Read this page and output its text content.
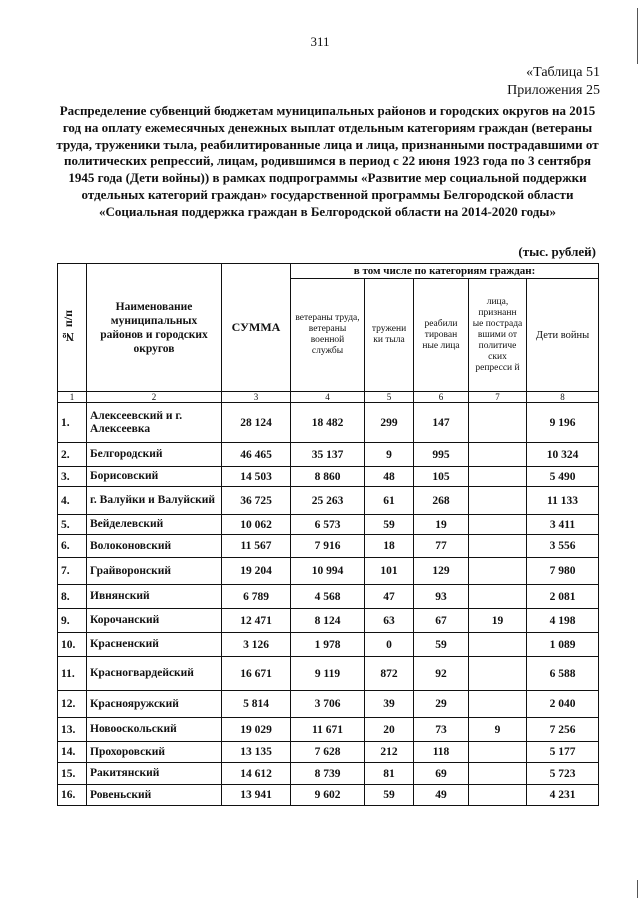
311
«Таблица 51
Приложения 25
Распределение субвенций бюджетам муниципальных районов и городских округов на 2015 год на оплату ежемесячных денежных выплат отдельным категориям граждан (ветераны труда, труженики тыла, реабилитированные лица и лица, признанными пострадавшими от политических репрессий, лицам, родившимся в период с 22 июня 1923 года по 3 сентября 1945 года (Дети войны)) в рамках подпрограммы «Развитие мер социальной поддержки отдельных категорий граждан» государственной программы Белгородской области «Социальная поддержка граждан в Белгородской области на 2014-2020 годы»
(тыс. рублей)
№ п/п	Наименование муниципальных районов и городских округов	СУММА	в том числе по категориям граждан:				
			ветераны труда, ветераны военной службы	тружени ки тыла	реабили тирован ные лица	лица, признанн ые пострада вшими от политиче ских репресси й	Дети войны
1	2	3	4	5	6	7	8
1.	Алексеевский и г. Алексеевка	28 124	18 482	299	147		9 196
2.	Белгородский	46 465	35 137	9	995		10 324
3.	Борисовский	14 503	8 860	48	105		5 490
4.	г. Валуйки и Валуйский	36 725	25 263	61	268		11 133
5.	Вейделевский	10 062	6 573	59	19		3 411
6.	Волоконовский	11 567	7 916	18	77		3 556
7.	Грайворонский	19 204	10 994	101	129		7 980
8.	Ивнянский	6 789	4 568	47	93		2 081
9.	Корочанский	12 471	8 124	63	67	19	4 198
10.	Красненский	3 126	1 978	0	59		1 089
11.	Красногвардейский	16 671	9 119	872	92		6 588
12.	Краснояружский	5 814	3 706	39	29		2 040
13.	Новооскольский	19 029	11 671	20	73	9	7 256
14.	Прохоровский	13 135	7 628	212	118		5 177
15.	Ракитянский	14 612	8 739	81	69		5 723
16.	Ровеньский	13 941	9 602	59	49		4 231
